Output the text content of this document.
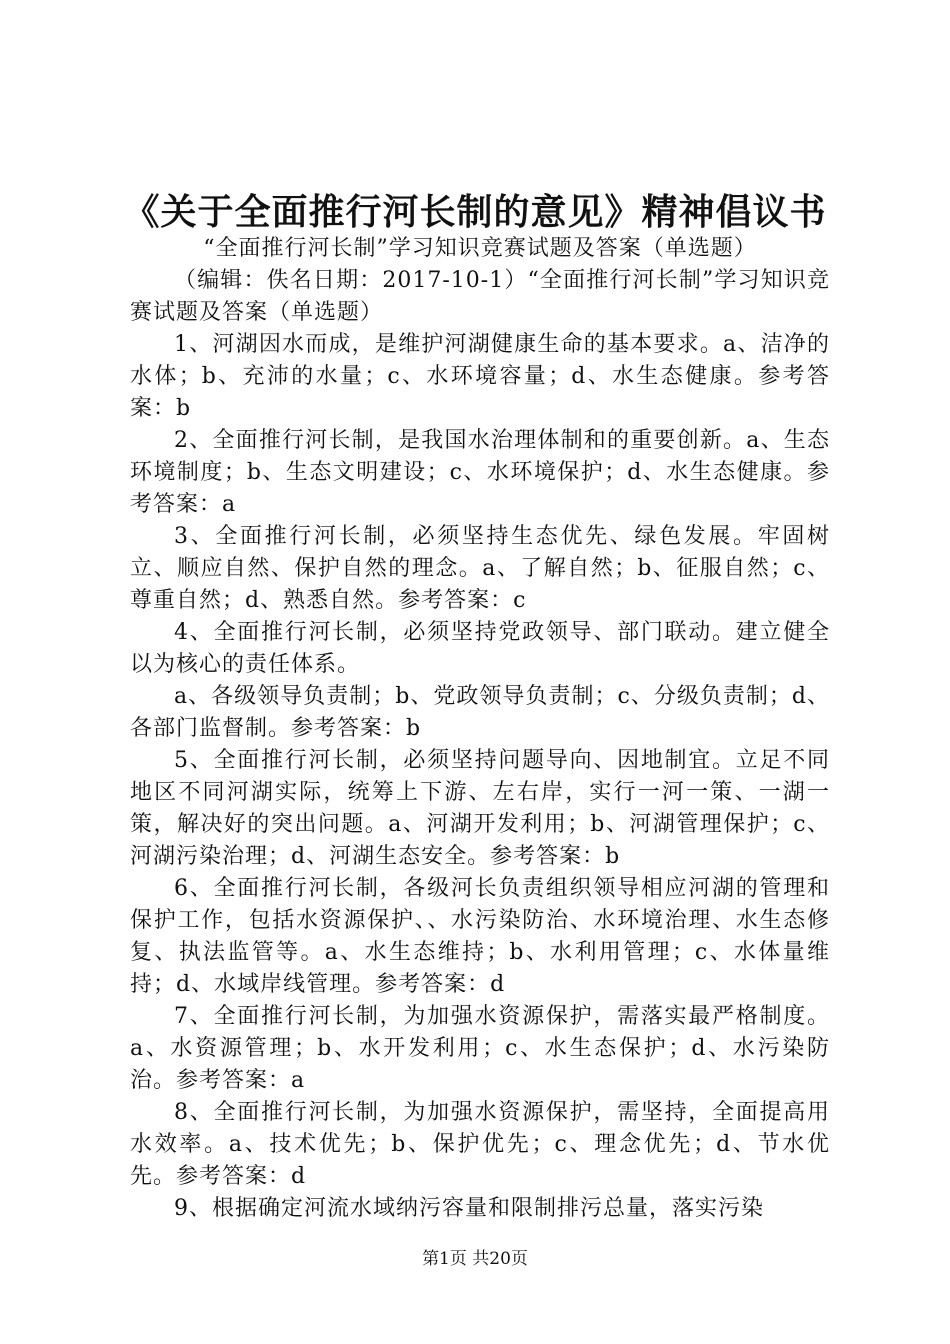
《关于全面推行河长制的意见》精神倡议书

“全面推行河长制”学习知识竞赛试题及答案（单选题）

（编辑：佚名日期：2017-10-1）“全面推行河长制”学习知识竞赛试题及答案（单选题）

1、河湖因水而成，是维护河湖健康生命的基本要求。a、洁净的水体；b、充沛的水量；c、水环境容量；d、水生态健康。参考答案：b

2、全面推行河长制，是我国水治理体制和的重要创新。a、生态环境制度；b、生态文明建设；c、水环境保护；d、水生态健康。参考答案：a

3、全面推行河长制，必须坚持生态优先、绿色发展。牢固树立、顺应自然、保护自然的理念。a、了解自然；b、征服自然；c、尊重自然；d、熟悉自然。参考答案：c

4、全面推行河长制，必须坚持党政领导、部门联动。建立健全以为核心的责任体系。

a、各级领导负责制；b、党政领导负责制；c、分级负责制；d、各部门监督制。参考答案：b

5、全面推行河长制，必须坚持问题导向、因地制宜。立足不同地区不同河湖实际，统筹上下游、左右岸，实行一河一策、一湖一策，解决好的突出问题。a、河湖开发利用；b、河湖管理保护；c、河湖污染治理；d、河湖生态安全。参考答案：b

6、全面推行河长制，各级河长负责组织领导相应河湖的管理和保护工作，包括水资源保护、、水污染防治、水环境治理、水生态修复、执法监管等。a、水生态维持；b、水利用管理；c、水体量维持；d、水域岸线管理。参考答案：d

7、全面推行河长制，为加强水资源保护，需落实最严格制度。a、水资源管理；b、水开发利用；c、水生态保护；d、水污染防治。参考答案：a

8、全面推行河长制，为加强水资源保护，需坚持，全面提高用水效率。a、技术优先；b、保护优先；c、理念优先；d、节水优先。参考答案：d

9、根据确定河流水域纳污容量和限制排污总量，落实污染

第1页 共20页
